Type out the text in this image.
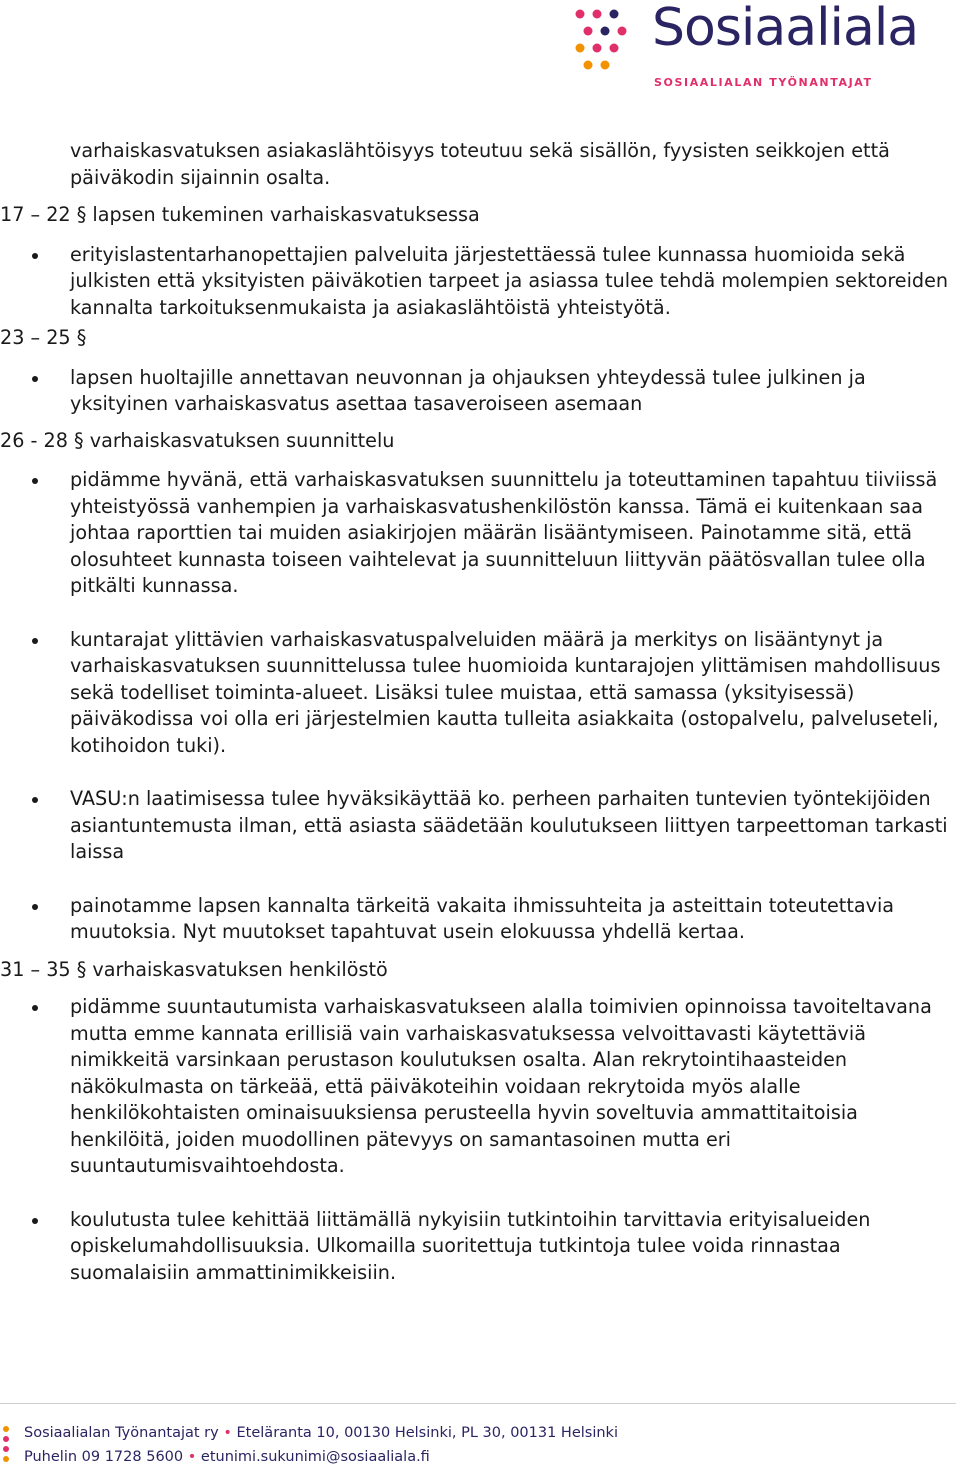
Sosiaaliala
SOSIAALIALAN TYÖNANTAJAT

varhaiskasvatuksen asiakaslähtöisyys toteutuu sekä sisällön, fyysisten seikkojen että päiväkodin sijainnin osalta.

17 – 22 § lapsen tukeminen varhaiskasvatuksessa

erityislastentarhanopettajien palveluita järjestettäessä tulee kunnassa huomioida sekä julkisten että yksityisten päiväkotien tarpeet ja asiassa tulee tehdä molempien sektoreiden kannalta tarkoituksenmukaista ja asiakaslähtöistä yhteistyötä.

23 – 25 §

lapsen huoltajille annettavan neuvonnan ja ohjauksen yhteydessä tulee julkinen ja yksityinen varhaiskasvatus asettaa tasaveroiseen asemaan

26 - 28 § varhaiskasvatuksen suunnittelu

pidämme hyvänä, että varhaiskasvatuksen suunnittelu ja toteuttaminen tapahtuu tiiviissä yhteistyössä vanhempien ja varhaiskasvatushenkilöstön kanssa. Tämä ei kuitenkaan saa johtaa raporttien tai muiden asiakirjojen määrän lisääntymiseen. Painotamme sitä, että olosuhteet kunnasta toiseen vaihtelevat ja suunnitteluun liittyvän päätösvallan tulee olla pitkälti kunnassa.
kuntarajat ylittävien varhaiskasvatuspalveluiden määrä ja merkitys on lisääntynyt ja varhaiskasvatuksen suunnittelussa tulee huomioida kuntarajojen ylittämisen mahdollisuus sekä todelliset toiminta-alueet. Lisäksi tulee muistaa, että samassa (yksityisessä) päiväkodissa voi olla eri järjestelmien kautta tulleita asiakkaita (ostopalvelu, palveluseteli, kotihoidon tuki).
VASU:n laatimisessa tulee hyväksikäyttää ko. perheen parhaiten tuntevien työntekijöiden asiantuntemusta ilman, että asiasta säädetään koulutukseen liittyen tarpeettoman tarkasti laissa
painotamme lapsen kannalta tärkeitä vakaita ihmissuhteita ja asteittain toteutettavia muutoksia. Nyt muutokset tapahtuvat usein elokuussa yhdellä kertaa.

31 – 35 § varhaiskasvatuksen henkilöstö

pidämme suuntautumista varhaiskasvatukseen alalla toimivien opinnoissa tavoiteltavana mutta emme kannata erillisiä vain varhaiskasvatuksessa velvoittavasti käytettäviä nimikkeitä varsinkaan perustason koulutuksen osalta. Alan rekrytointihaasteiden näkökulmasta on tärkeää, että päiväkoteihin voidaan rekrytoida myös alalle henkilökohtaisten ominaisuuksiensa perusteella hyvin soveltuvia ammattitaitoisia henkilöitä, joiden muodollinen pätevyys on samantasoinen mutta eri suuntautumisvaihtoehdosta.
koulutusta tulee kehittää liittämällä nykyisiin tutkintoihin tarvittavia erityisalueiden opiskelumahdollisuuksia. Ulkomailla suoritettuja tutkintoja tulee voida rinnastaa suomalaisiin ammattinimikkeisiin.
Sosiaalialan Työnantajat ry • Eteläranta 10, 00130 Helsinki, PL 30, 00131 Helsinki
Puhelin 09 1728 5600 • etunimi.sukunimi@sosiaaliala.fi
